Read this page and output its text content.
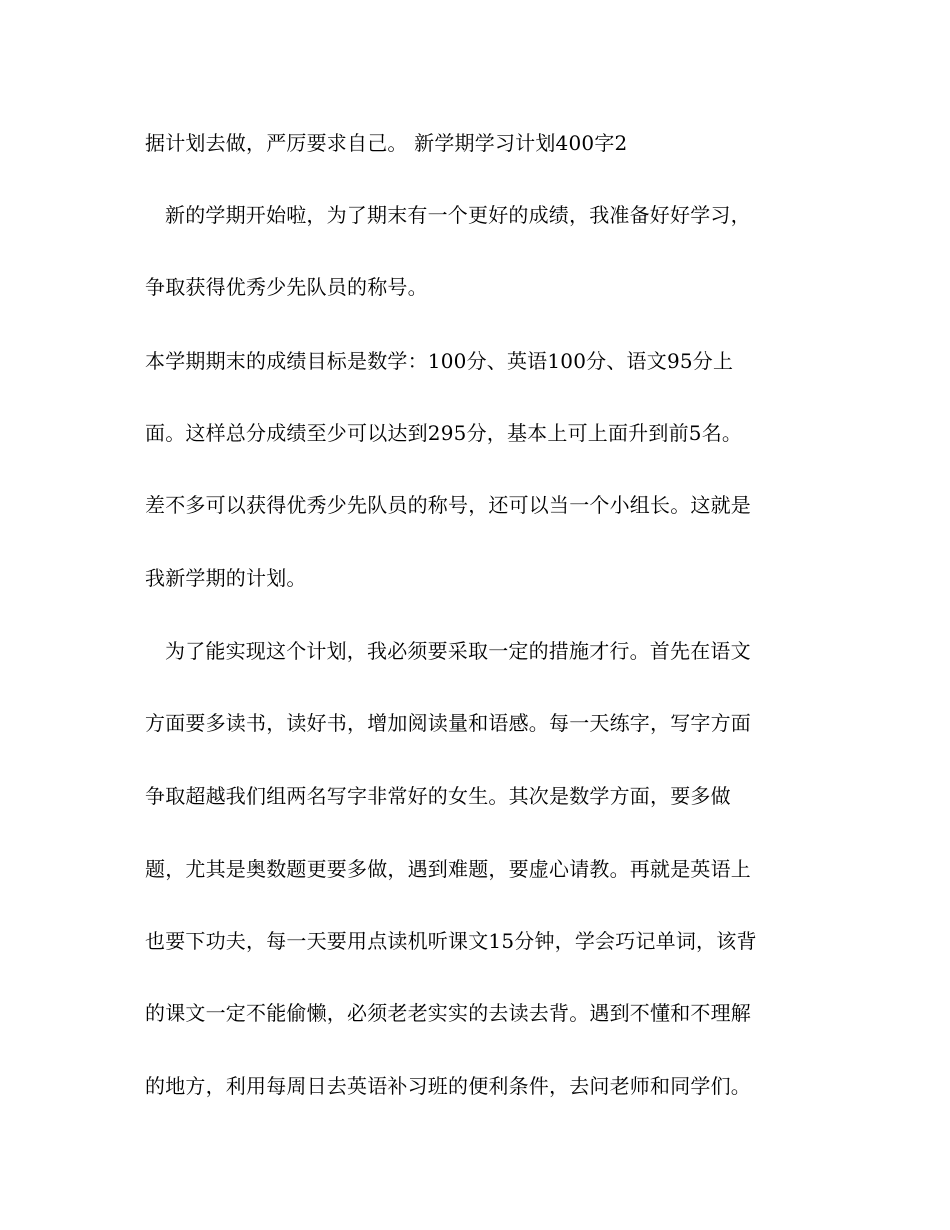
据计划去做，严厉要求自己。 新学期学习计划400字2

新的学期开始啦，为了期末有一个更好的成绩，我准备好好学习，

争取获得优秀少先队员的称号。

本学期期末的成绩目标是数学：100分、英语100分、语文95分上

面。这样总分成绩至少可以达到295分，基本上可上面升到前5名。

差不多可以获得优秀少先队员的称号，还可以当一个小组长。这就是

我新学期的计划。

为了能实现这个计划，我必须要采取一定的措施才行。首先在语文

方面要多读书，读好书，增加阅读量和语感。每一天练字，写字方面

争取超越我们组两名写字非常好的女生。其次是数学方面，要多做

题，尤其是奥数题更要多做，遇到难题，要虚心请教。再就是英语上

也要下功夫，每一天要用点读机听课文15分钟，学会巧记单词，该背

的课文一定不能偷懒，必须老老实实的去读去背。遇到不懂和不理解

的地方，利用每周日去英语补习班的便利条件，去问老师和同学们。
